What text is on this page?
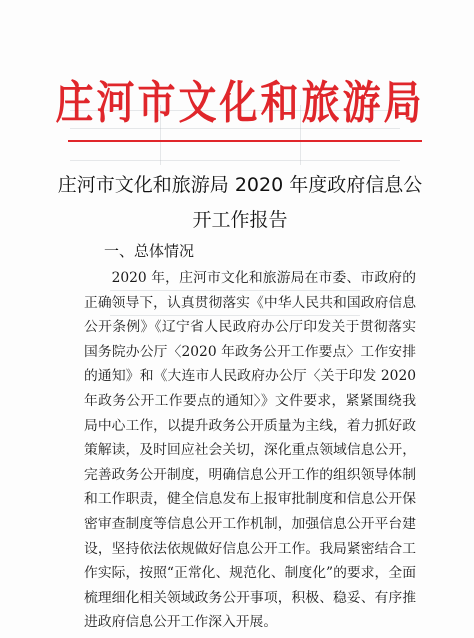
庄河市文化和旅游局
庄河市文化和旅游局 2020 年度政府信息公
开工作报告
一、总体情况
2020 年，庄河市文化和旅游局在市委、市政府的正确领导下，认真贯彻落实《中华人民共和国政府信息公开条例》《辽宁省人民政府办公厅印发关于贯彻落实国务院办公厅〈2020 年政务公开工作要点〉工作安排的通知》和《大连市人民政府办公厅〈关于印发 2020 年政务公开工作要点的通知〉》文件要求，紧紧围绕我局中心工作，以提升政务公开质量为主线，着力抓好政策解读，及时回应社会关切，深化重点领域信息公开，完善政务公开制度，明确信息公开工作的组织领导体制和工作职责，健全信息发布上报审批制度和信息公开保密审查制度等信息公开工作机制，加强信息公开平台建设，坚持依法依规做好信息公开工作。我局紧密结合工作实际，按照“正常化、规范化、制度化”的要求，全面梳理细化相关领域政务公开事项，积极、稳妥、有序推进政府信息公开工作深入开展。
